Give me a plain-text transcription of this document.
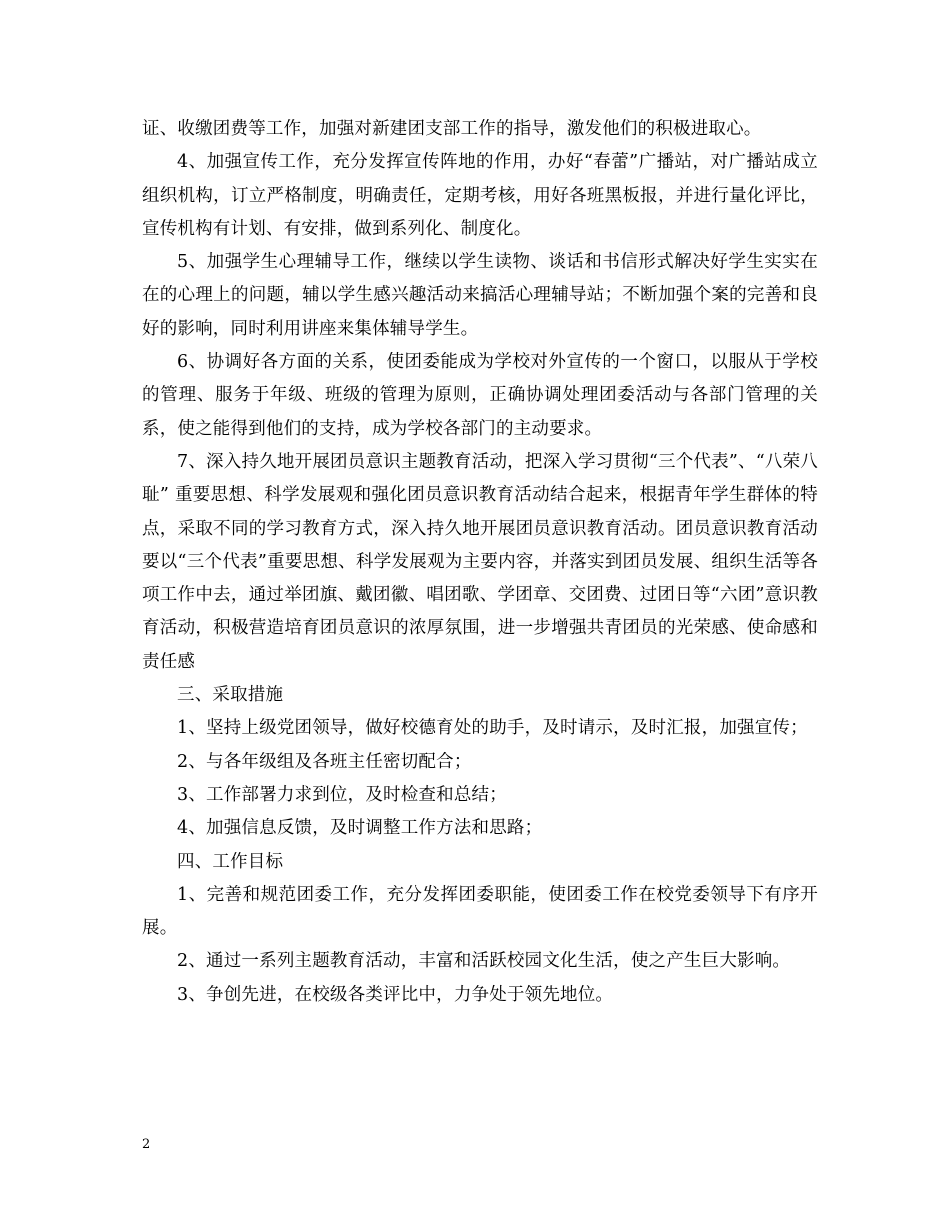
证、收缴团费等工作，加强对新建团支部工作的指导，激发他们的积极进取心。

4、加强宣传工作，充分发挥宣传阵地的作用，办好“春蕾”广播站，对广播站成立组织机构，订立严格制度，明确责任，定期考核，用好各班黑板报，并进行量化评比，宣传机构有计划、有安排，做到系列化、制度化。

5、加强学生心理辅导工作，继续以学生读物、谈话和书信形式解决好学生实实在在的心理上的问题，辅以学生感兴趣活动来搞活心理辅导站；不断加强个案的完善和良好的影响，同时利用讲座来集体辅导学生。

6、协调好各方面的关系，使团委能成为学校对外宣传的一个窗口，以服从于学校的管理、服务于年级、班级的管理为原则，正确协调处理团委活动与各部门管理的关系，使之能得到他们的支持，成为学校各部门的主动要求。

7、深入持久地开展团员意识主题教育活动，把深入学习贯彻“三个代表”、“八荣八耻” 重要思想、科学发展观和强化团员意识教育活动结合起来，根据青年学生群体的特点，采取不同的学习教育方式，深入持久地开展团员意识教育活动。团员意识教育活动要以“三个代表”重要思想、科学发展观为主要内容，并落实到团员发展、组织生活等各项工作中去，通过举团旗、戴团徽、唱团歌、学团章、交团费、过团日等“六团”意识教育活动，积极营造培育团员意识的浓厚氛围，进一步增强共青团员的光荣感、使命感和责任感

三、采取措施

1、坚持上级党团领导，做好校德育处的助手，及时请示，及时汇报，加强宣传；

2、与各年级组及各班主任密切配合；

3、工作部署力求到位，及时检查和总结；

4、加强信息反馈，及时调整工作方法和思路；

四、工作目标

1、完善和规范团委工作，充分发挥团委职能，使团委工作在校党委领导下有序开展。

2、通过一系列主题教育活动，丰富和活跃校园文化生活，使之产生巨大影响。

3、争创先进，在校级各类评比中，力争处于领先地位。

2
